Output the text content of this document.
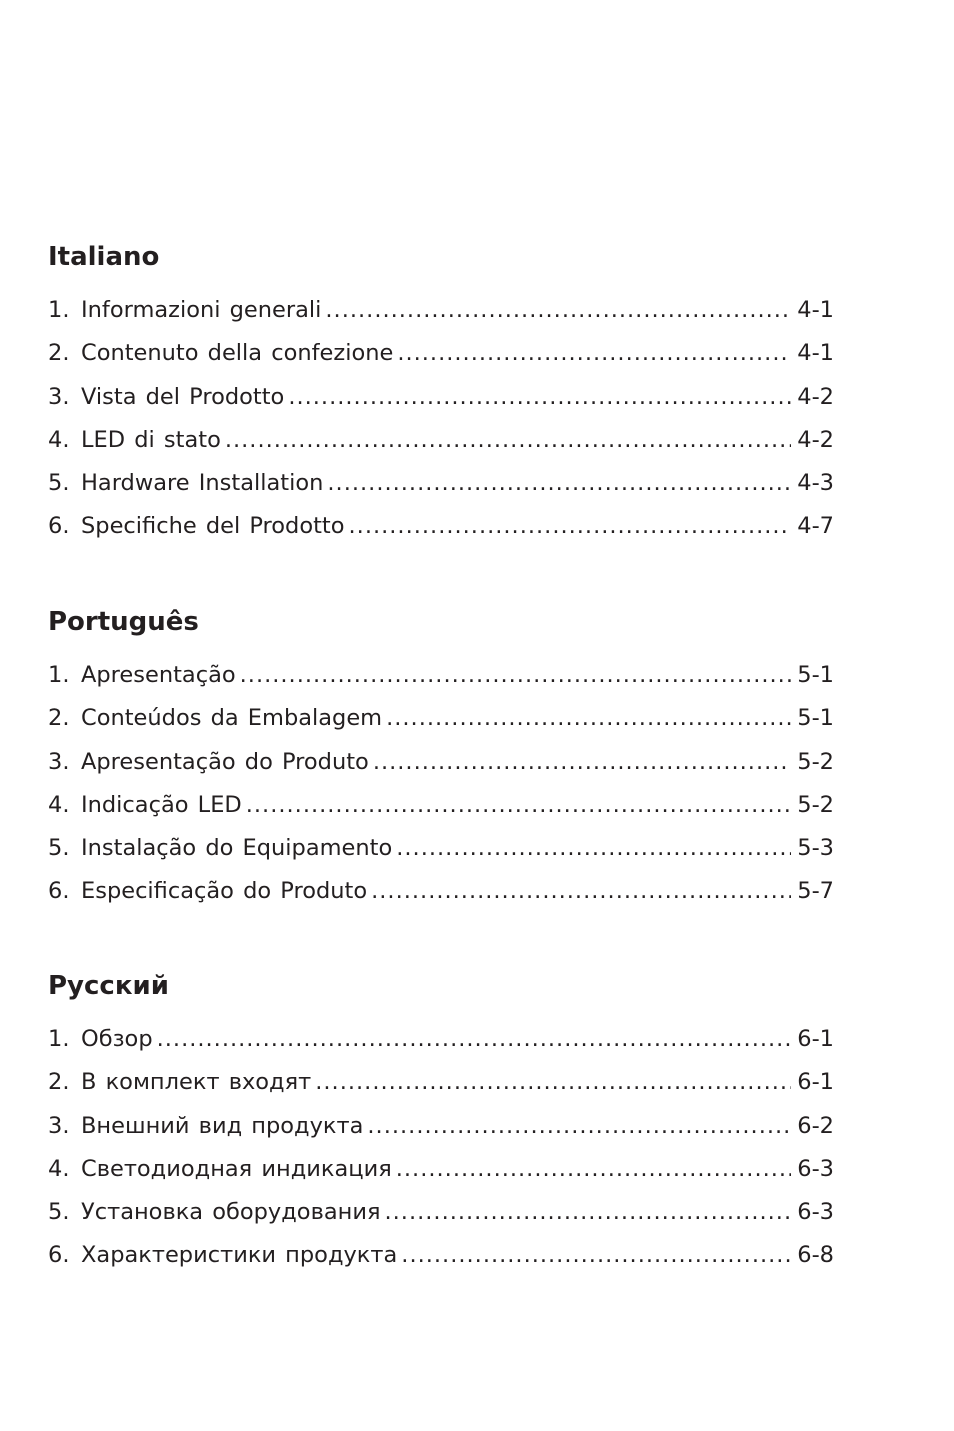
Italiano
1. Informazioni generali .....	4-1
2. Contenuto della confezione .....	4-1
3. Vista del Prodotto .....	4-2
4. LED di stato .....	4-2
5. Hardware Installation .....	4-3
6. Specifiche del Prodotto .....	4-7
Português
1. Apresentação .....	5-1
2. Conteúdos da Embalagem .....	5-1
3. Apresentação do Produto .....	5-2
4. Indicação LED .....	5-2
5. Instalação do Equipamento .....	5-3
6. Especificação do Produto .....	5-7
Русский
1. Обзор .....	6-1
2. В комплект входят .....	6-1
3. Внешний вид продукта .....	6-2
4. Светодиодная индикация .....	6-3
5. Установка оборудования .....	6-3
6. Характеристики продукта .....	6-8
